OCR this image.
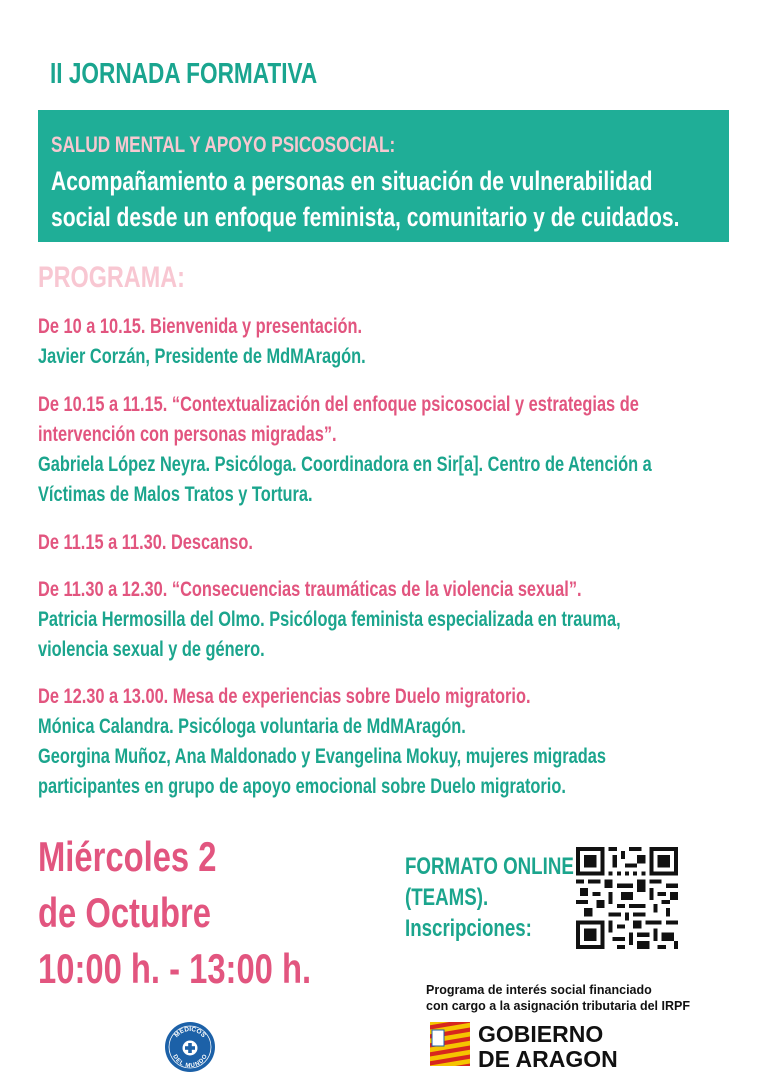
II JORNADA FORMATIVA
SALUD MENTAL Y APOYO PSICOSOCIAL:
Acompañamiento a personas en situación de vulnerabilidad
social desde un enfoque feminista, comunitario y de cuidados.
PROGRAMA:
De 10 a 10.15. Bienvenida y presentación.
Javier Corzán, Presidente de MdMAragón.
De 10.15 a 11.15. “Contextualización del enfoque psicosocial y estrategias de
intervención con personas migradas”.
Gabriela López Neyra. Psicóloga. Coordinadora en Sir[a]. Centro de Atención a
Víctimas de Malos Tratos y Tortura.
De 11.15 a 11.30. Descanso.
De 11.30 a 12.30. “Consecuencias traumáticas de la violencia sexual”.
Patricia Hermosilla del Olmo. Psicóloga feminista especializada en trauma,
violencia sexual y de género.
De 12.30 a 13.00. Mesa de experiencias sobre Duelo migratorio.
Mónica Calandra. Psicóloga voluntaria de MdMAragón.
Georgina Muñoz, Ana Maldonado y Evangelina Mokuy, mujeres migradas
participantes en grupo de apoyo emocional sobre Duelo migratorio.
Miércoles 2
de Octubre
10:00 h. - 13:00 h.
FORMATO ONLINE
(TEAMS).
Inscripciones:
Programa de interés social financiado
con cargo a la asignación tributaria del IRPF
MEDICOS
DEL MUNDO
GOBIERNO
DE ARAGON
